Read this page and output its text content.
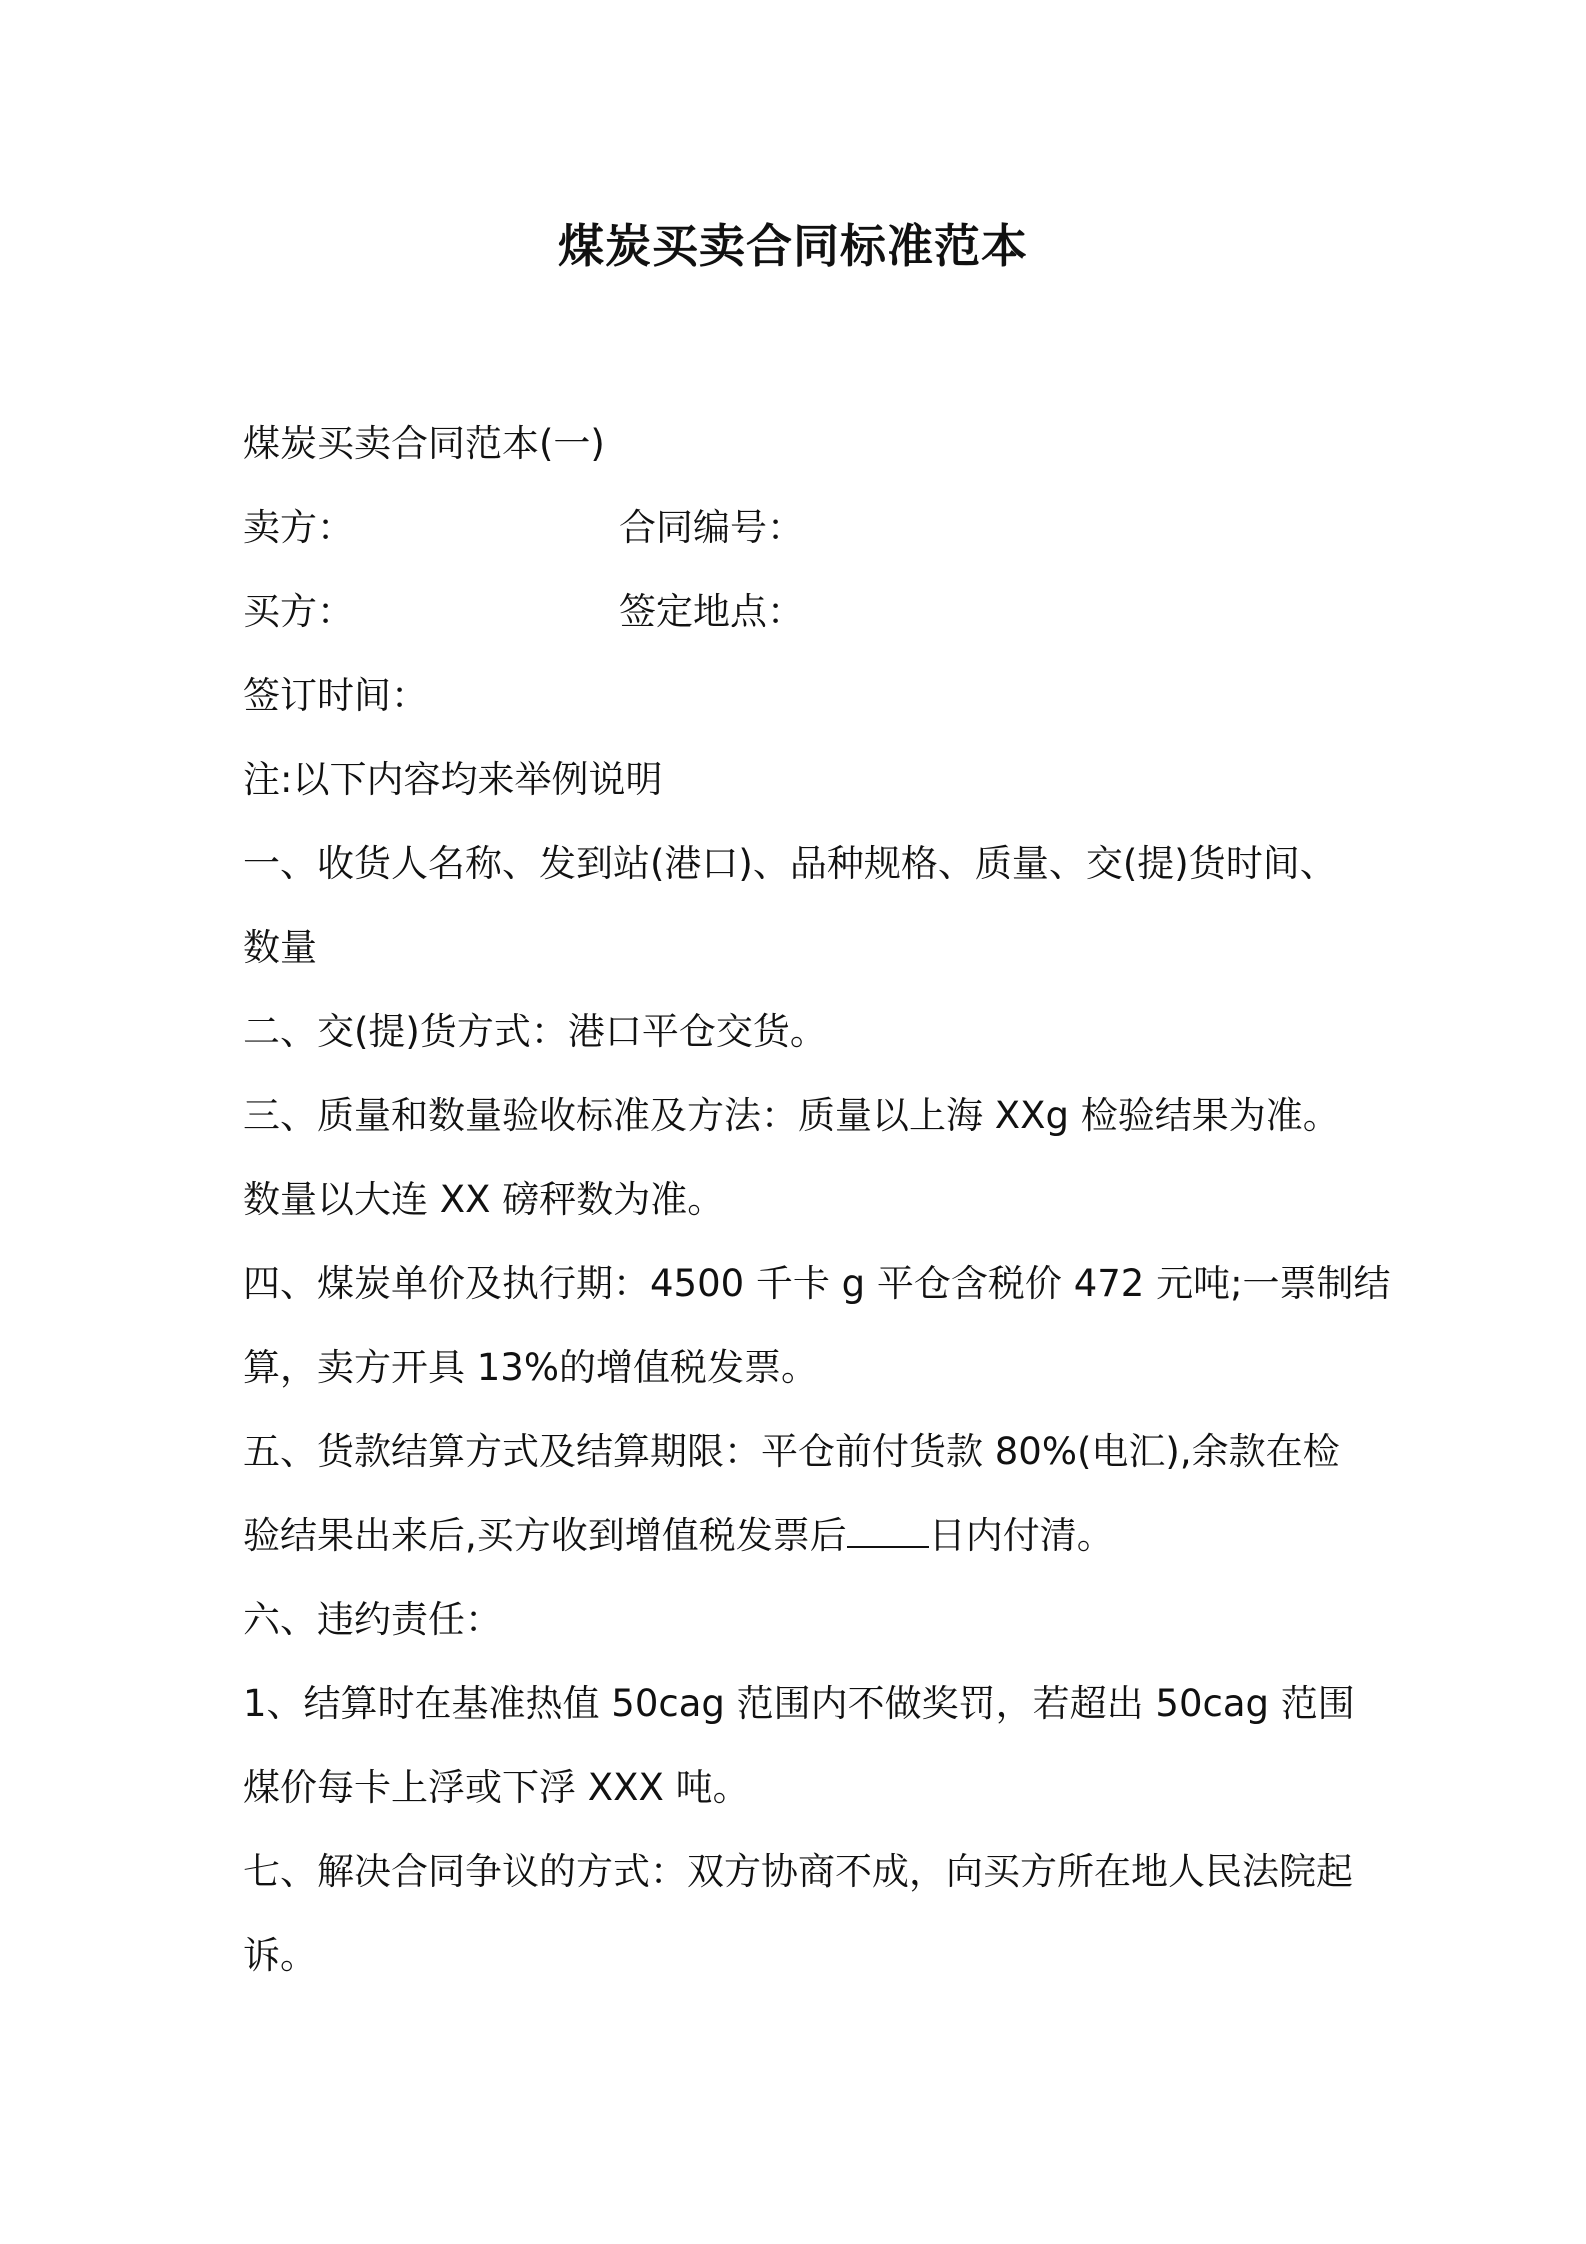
煤炭买卖合同标准范本

煤炭买卖合同范本(一)

卖方：	合同编号：

买方：	签定地点：

签订时间：

注:以下内容均来举例说明

一、收货人名称、发到站(港口)、品种规格、质量、交(提)货时间、

数量

二、交(提)货方式：港口平仓交货。

三、质量和数量验收标准及方法：质量以上海 XXg 检验结果为准。

数量以大连 XX 磅秤数为准。

四、煤炭单价及执行期：4500 千卡 g 平仓含税价 472 元吨;一票制结

算，卖方开具 13%的增值税发票。

五、货款结算方式及结算期限：平仓前付货款 80%(电汇),余款在检

验结果出来后,买方收到增值税发票后 日内付清。

六、违约责任：

1、结算时在基准热值 50cag 范围内不做奖罚，若超出 50cag 范围

煤价每卡上浮或下浮 XXX 吨。

七、解决合同争议的方式：双方协商不成，向买方所在地人民法院起

诉。
